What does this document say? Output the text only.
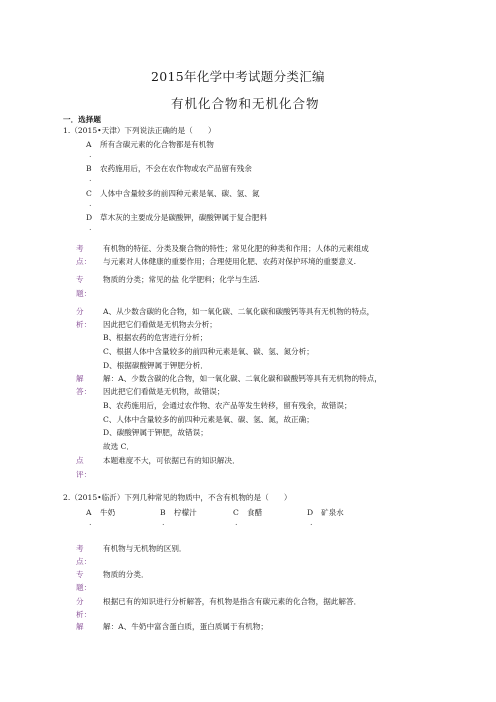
2015年化学中考试题分类汇编
有机化合物和无机化合物
一．选择题
1.（2015•天津）下列说法正确的是（　　）
A 所有含碳元素的化合物都是有机物
.
B 农药施用后，不会在农作物或农产品留有残余
.
C 人体中含量较多的前四种元素是氧、碳、氢、氮
.
D 草木灰的主要成分是碳酸钾，碳酸钾属于复合肥料
.
考
点：
有机物的特征、分类及聚合物的特性；常见化肥的种类和作用；人体的元素组成
与元素对人体健康的重要作用；合理使用化肥、农药对保护环境的重要意义.
专
题：
物质的分类；常见的盐 化学肥料；化学与生活.
分
析：
A、从少数含碳的化合物，如一氧化碳、二氧化碳和碳酸钙等具有无机物的特点，
因此把它们看做是无机物去分析；
B、根据农药的危害进行分析；
C、根据人体中含量较多的前四种元素是氧、碳、氢、氮分析；
D、根据碳酸钾属于钾肥分析．
解
答：
解：A、少数含碳的化合物，如一氧化碳、二氧化碳和碳酸钙等具有无机物的特点，
因此把它们看做是无机物，故错误；
B、农药施用后，会通过农作物、农产品等发生转移，留有残余，故错误；
C、人体中含量较多的前四种元素是氧、碳、氢、氮，故正确；
D、碳酸钾属于钾肥，故错误；
故选 C．
点
评：
本题难度不大，可依据已有的知识解决．
2.（2015•临沂）下列几种常见的物质中，不含有机物的是（　　）
A 牛奶	B 柠檬汁	C 食醋	D 矿泉水
.	.	.	.
考
点：
有机物与无机物的区别．
专
题：
物质的分类．
分
析：
根据已有的知识进行分析解答，有机物是指含有碳元素的化合物，据此解答．
解	解：A、牛奶中富含蛋白质，蛋白质属于有机物；
